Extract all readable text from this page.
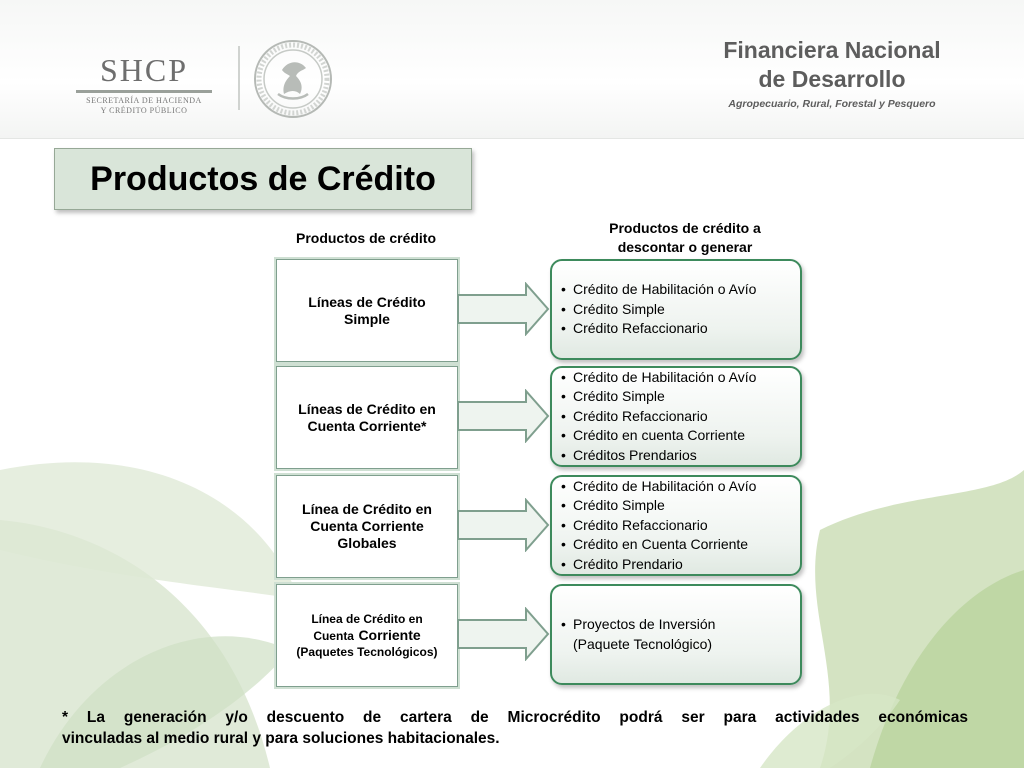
SHCP
SECRETARÍA DE HACIENDA
Y CRÉDITO PÚBLICO
Financiera Nacional
de Desarrollo
Agropecuario, Rural, Forestal y Pesquero
Productos de Crédito
Productos de crédito
Productos de crédito a
descontar o generar
Líneas de Crédito Simple
• Crédito de Habilitación o Avío
• Crédito Simple
• Crédito Refaccionario
Líneas de Crédito en Cuenta Corriente*
• Crédito de Habilitación o Avío
• Crédito Simple
• Crédito Refaccionario
• Crédito en cuenta Corriente
• Créditos Prendarios
Línea de Crédito en Cuenta Corriente Globales
• Crédito de Habilitación o Avío
• Crédito Simple
• Crédito Refaccionario
• Crédito en Cuenta Corriente
• Crédito Prendario
Línea de Crédito en
Cuenta Corriente
(Paquetes Tecnológicos)
• Proyectos de Inversión (Paquete Tecnológico)
* La generación y/o descuento de cartera de Microcrédito podrá ser para actividades económicas
vinculadas al medio rural y para soluciones habitacionales.
